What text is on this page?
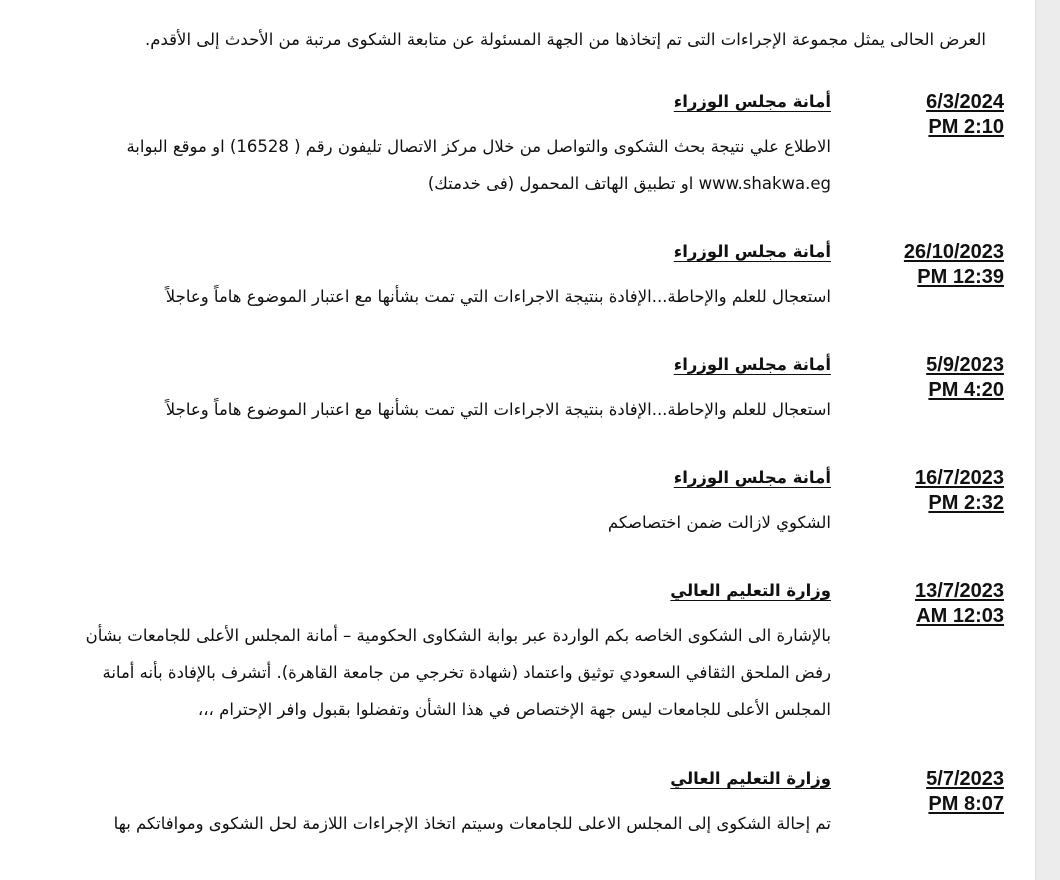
العرض الحالى يمثل مجموعة الإجراءات التى تم إتخاذها من الجهة المسئولة عن متابعة الشكوى مرتبة من الأحدث إلى الأقدم.
6/3/2024
PM 2:10
أمانة مجلس الوزراء
الاطلاع علي نتيجة بحث الشكوى والتواصل من خلال مركز الاتصال تليفون رقم ( 16528) او موقع البوابة
www.shakwa.eg او تطبيق الهاتف المحمول (فى خدمتك)
26/10/2023
PM 12:39
أمانة مجلس الوزراء
استعجال للعلم والإحاطة...الإفادة بنتيجة الاجراءات التي تمت بشأنها مع اعتبار الموضوع هاماً وعاجلاً
5/9/2023
PM 4:20
أمانة مجلس الوزراء
استعجال للعلم والإحاطة...الإفادة بنتيجة الاجراءات التي تمت بشأنها مع اعتبار الموضوع هاماً وعاجلاً
16/7/2023
PM 2:32
أمانة مجلس الوزراء
الشكوي لازالت ضمن اختصاصكم
13/7/2023
AM 12:03
وزارة التعليم العالي
بالإشارة الى الشكوى الخاصه بكم الواردة عبر بوابة الشكاوى الحكومية – أمانة المجلس الأعلى للجامعات بشأن
رفض الملحق الثقافي السعودي توثيق واعتماد (شهادة تخرجي من جامعة القاهرة). أتشرف بالإفادة بأنه أمانة
المجلس الأعلى للجامعات ليس جهة الإختصاص في هذا الشأن وتفضلوا بقبول وافر الإحترام ،،،
5/7/2023
PM 8:07
وزارة التعليم العالي
تم إحالة الشكوى إلى المجلس الاعلى للجامعات وسيتم اتخاذ الإجراءات اللازمة لحل الشكوى وموافاتكم بها
